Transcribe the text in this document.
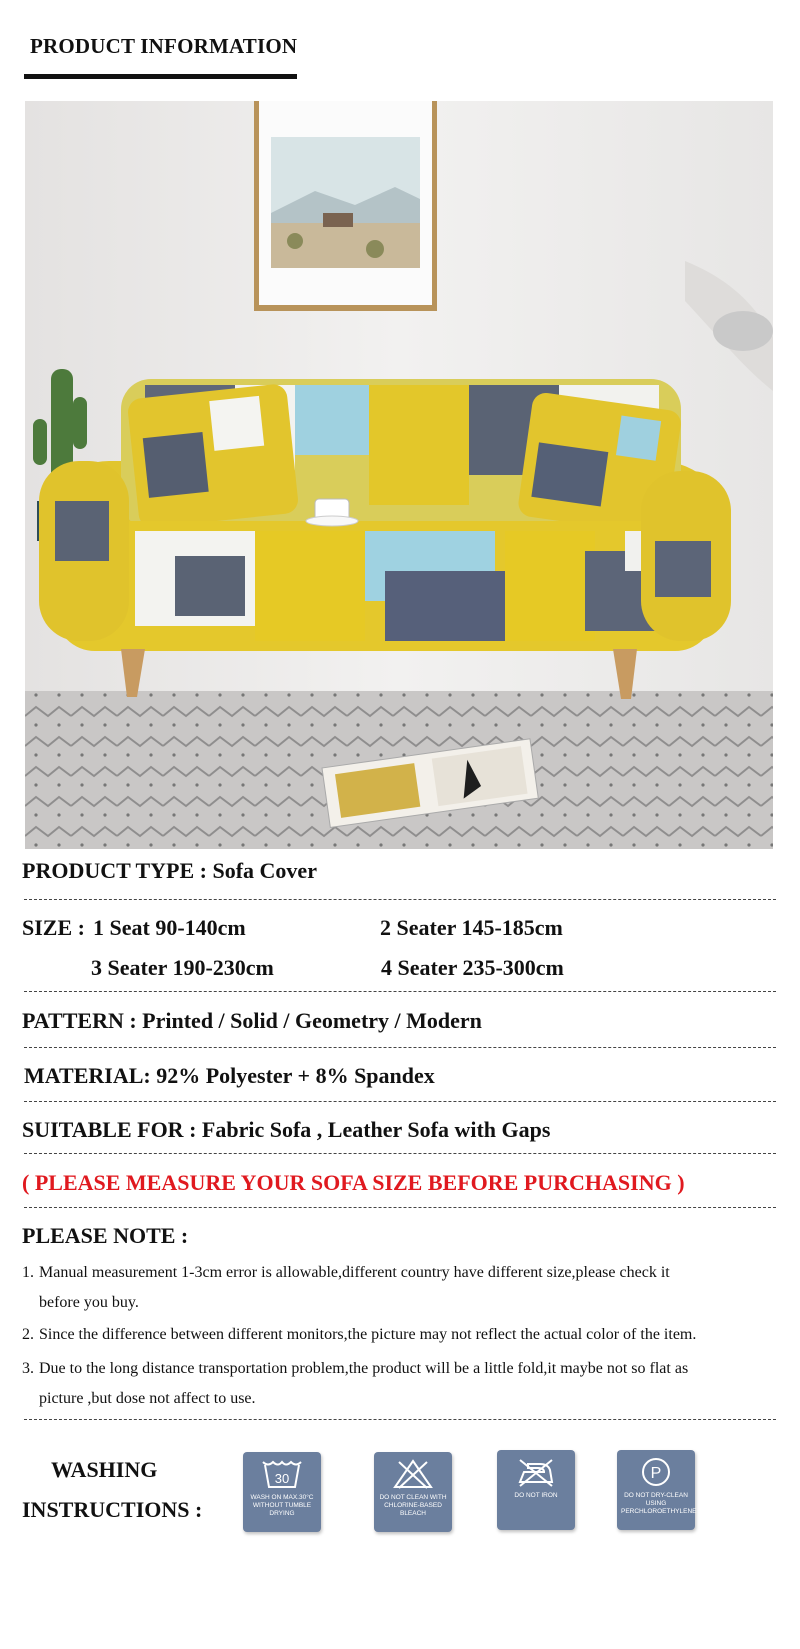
PRODUCT INFORMATION
PRODUCT TYPE : Sofa Cover
SIZE : 1 Seat 90-140cm	2 Seater 145-185cm
3 Seater 190-230cm	4 Seater 235-300cm
PATTERN : Printed / Solid / Geometry / Modern
MATERIAL: 92% Polyester + 8% Spandex
SUITABLE FOR : Fabric Sofa , Leather Sofa with Gaps
( PLEASE MEASURE YOUR SOFA SIZE BEFORE PURCHASING )
PLEASE NOTE :
1. Manual measurement 1-3cm error is allowable,different country have different size,please check it
before you buy.
2. Since the difference between different monitors,the picture may not reflect the actual color of the item.
3. Due to the long distance transportation problem,the product will be a little fold,it maybe not so flat as
picture ,but dose not affect to use.
WASHING
INSTRUCTIONS :
30
WASH ON MAX.30°C WITHOUT TUMBLE DRYING
DO NOT CLEAN WITH CHLORINE-BASED BLEACH
DO NOT IRON
P
DO NOT DRY-CLEAN USING PERCHLOROETHYLENE
